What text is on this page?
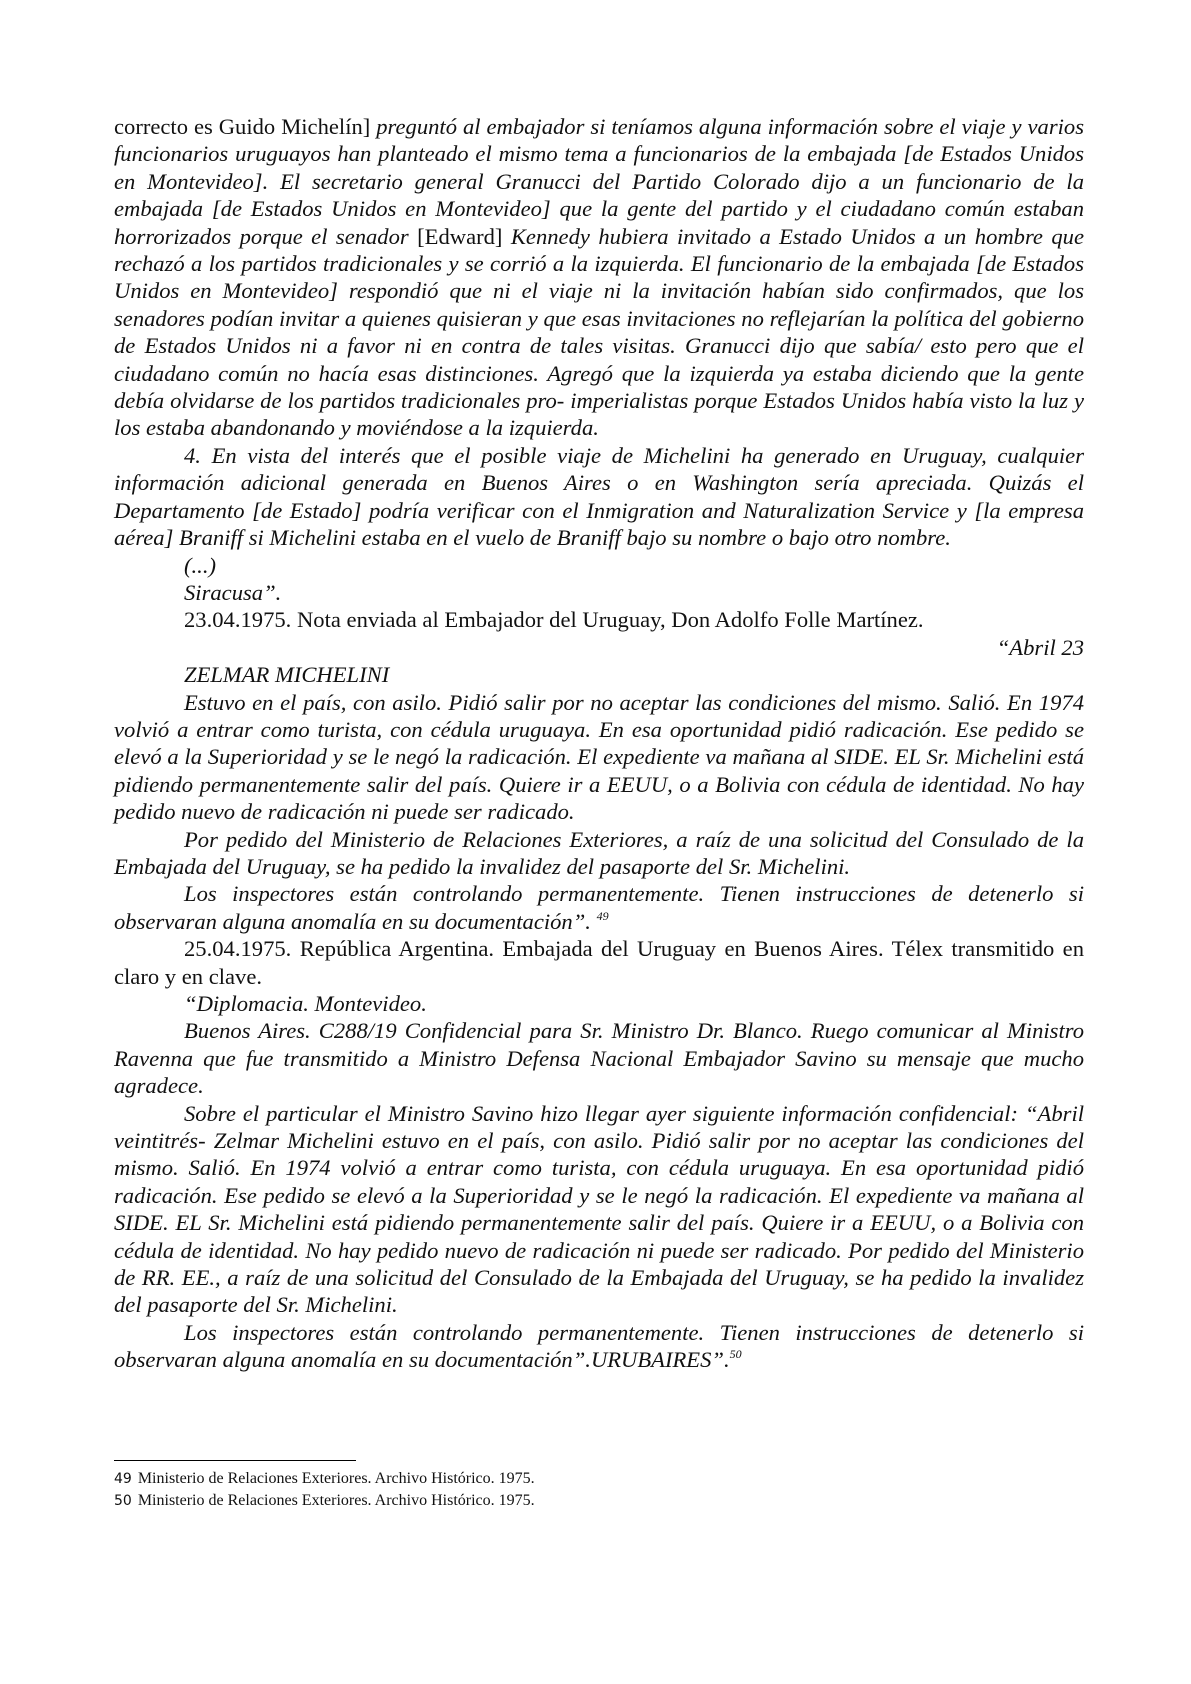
correcto es Guido Michelín] preguntó al embajador si teníamos alguna información sobre el viaje y varios funcionarios uruguayos han planteado el mismo tema a funcionarios de la embajada [de Estados Unidos en Montevideo]. El secretario general Granucci del Partido Colorado dijo a un funcionario de la embajada [de Estados Unidos en Montevideo] que la gente del partido y el ciudadano común estaban horrorizados porque el senador [Edward] Kennedy hubiera invitado a Estado Unidos a un hombre que rechazó a los partidos tradicionales y se corrió a la izquierda. El funcionario de la embajada [de Estados Unidos en Montevideo] respondió que ni el viaje ni la invitación habían sido confirmados, que los senadores podían invitar a quienes quisieran y que esas invitaciones no reflejarían la política del gobierno de Estados Unidos ni a favor ni en contra de tales visitas. Granucci dijo que sabía/ esto pero que el ciudadano común no hacía esas distinciones. Agregó que la izquierda ya estaba diciendo que la gente debía olvidarse de los partidos tradicionales pro- imperialistas porque Estados Unidos había visto la luz y los estaba abandonando y moviéndose a la izquierda.

4. En vista del interés que el posible viaje de Michelini ha generado en Uruguay, cualquier información adicional generada en Buenos Aires o en Washington sería apreciada. Quizás el Departamento [de Estado] podría verificar con el Inmigration and Naturalization Service y [la empresa aérea] Braniff si Michelini estaba en el vuelo de Braniff bajo su nombre o bajo otro nombre.

(...)

Siracusa”.

23.04.1975. Nota enviada al Embajador del Uruguay, Don Adolfo Folle Martínez.

“Abril 23

ZELMAR MICHELINI

Estuvo en el país, con asilo. Pidió salir por no aceptar las condiciones del mismo. Salió. En 1974 volvió a entrar como turista, con cédula uruguaya. En esa oportunidad pidió radicación. Ese pedido se elevó a la Superioridad y se le negó la radicación. El expediente va mañana al SIDE. EL Sr. Michelini está pidiendo permanentemente salir del país. Quiere ir a EEUU, o a Bolivia con cédula de identidad. No hay pedido nuevo de radicación ni puede ser radicado.

Por pedido del Ministerio de Relaciones Exteriores, a raíz de una solicitud del Consulado de la Embajada del Uruguay, se ha pedido la invalidez del pasaporte del Sr. Michelini.

Los inspectores están controlando permanentemente. Tienen instrucciones de detenerlo si observaran alguna anomalía en su documentación”. $^{49}$

25.04.1975. República Argentina. Embajada del Uruguay en Buenos Aires. Télex transmitido en claro y en clave.

“Diplomacia. Montevideo.

Buenos Aires. C288/19 Confidencial para Sr. Ministro Dr. Blanco. Ruego comunicar al Ministro Ravenna que fue transmitido a Ministro Defensa Nacional Embajador Savino su mensaje que mucho agradece.

Sobre el particular el Ministro Savino hizo llegar ayer siguiente información confidencial: “Abril veintitrés- Zelmar Michelini estuvo en el país, con asilo. Pidió salir por no aceptar las condiciones del mismo. Salió. En 1974 volvió a entrar como turista, con cédula uruguaya. En esa oportunidad pidió radicación. Ese pedido se elevó a la Superioridad y se le negó la radicación. El expediente va mañana al SIDE. EL Sr. Michelini está pidiendo permanentemente salir del país. Quiere ir a EEUU, o a Bolivia con cédula de identidad. No hay pedido nuevo de radicación ni puede ser radicado. Por pedido del Ministerio de RR. EE., a raíz de una solicitud del Consulado de la Embajada del Uruguay, se ha pedido la invalidez del pasaporte del Sr. Michelini.

Los inspectores están controlando permanentemente. Tienen instrucciones de detenerlo si observaran alguna anomalía en su documentación”.URUBAIRES”.$^{50}$

49 Ministerio de Relaciones Exteriores. Archivo Histórico. 1975.
50 Ministerio de Relaciones Exteriores. Archivo Histórico. 1975.
